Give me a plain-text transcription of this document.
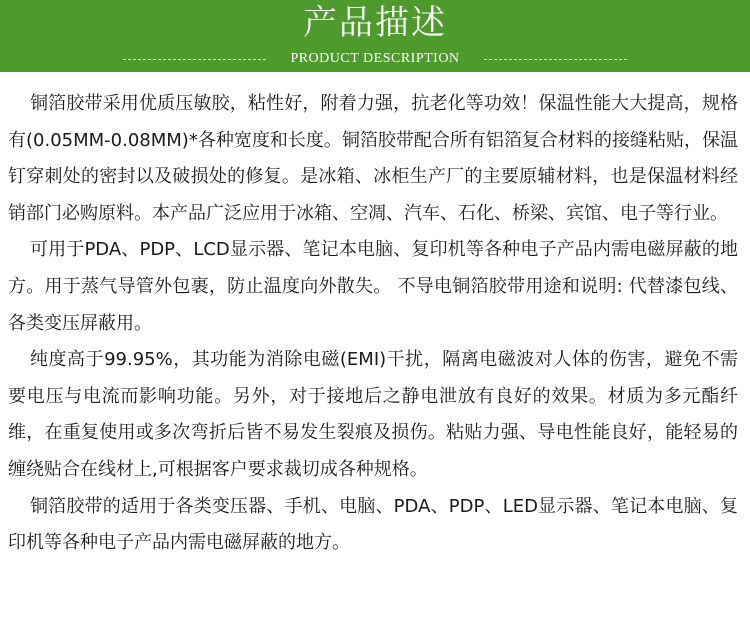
产品描述
PRODUCT DESCRIPTION

铜箔胶带采用优质压敏胶，粘性好，附着力强，抗老化等功效！保温性能大大提高，规格有(0.05MM-0.08MM)*各种宽度和长度。铜箔胶带配合所有铝箔复合材料的接缝粘贴，保温钉穿刺处的密封以及破损处的修复。是冰箱、冰柜生产厂的主要原辅材料，也是保温材料经销部门必购原料。本产品广泛应用于冰箱、空凋、汽车、石化、桥梁、宾馆、电子等行业。

可用于PDA、PDP、LCD显示器、笔记本电脑、复印机等各种电子产品内需电磁屏蔽的地方。用于蒸气导管外包裹，防止温度向外散失。 不导电铜箔胶带用途和说明: 代替漆包线、各类变压屏蔽用。

纯度高于99.95%，其功能为消除电磁(EMI)干扰，隔离电磁波对人体的伤害，避免不需要电压与电流而影响功能。另外，对于接地后之静电泄放有良好的效果。材质为多元酯纤维，在重复使用或多次弯折后皆不易发生裂痕及损伤。粘贴力强、导电性能良好，能轻易的缠绕贴合在线材上,可根据客户要求裁切成各种规格。

铜箔胶带的适用于各类变压器、手机、电脑、PDA、PDP、LED显示器、笔记本电脑、复印机等各种电子产品内需电磁屏蔽的地方。
